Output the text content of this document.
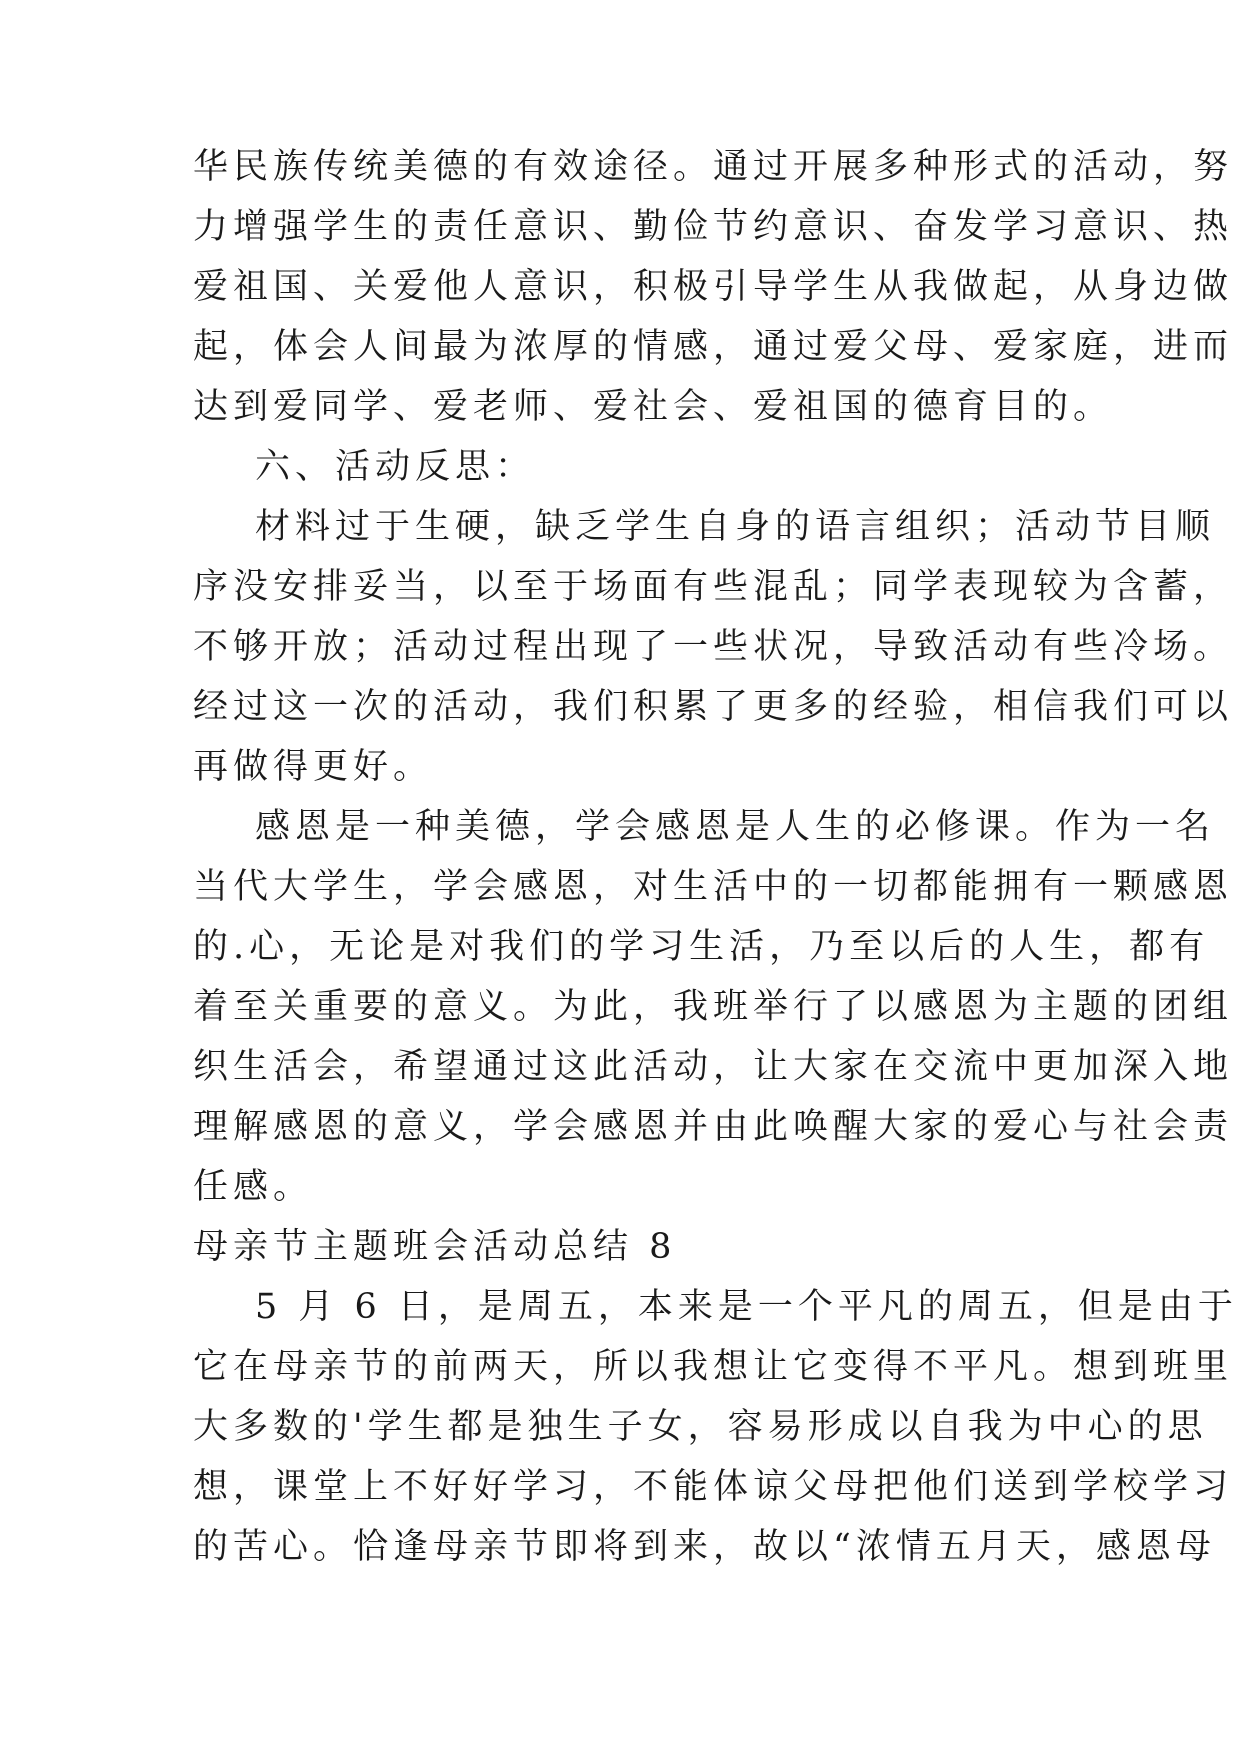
华民族传统美德的有效途径。通过开展多种形式的活动，努
力增强学生的责任意识、勤俭节约意识、奋发学习意识、热
爱祖国、关爱他人意识，积极引导学生从我做起，从身边做
起，体会人间最为浓厚的情感，通过爱父母、爱家庭，进而
达到爱同学、爱老师、爱社会、爱祖国的德育目的。
六、活动反思：
材料过于生硬，缺乏学生自身的语言组织；活动节目顺
序没安排妥当，以至于场面有些混乱；同学表现较为含蓄，
不够开放；活动过程出现了一些状况，导致活动有些冷场。
经过这一次的活动，我们积累了更多的经验，相信我们可以
再做得更好。
感恩是一种美德，学会感恩是人生的必修课。作为一名
当代大学生，学会感恩，对生活中的一切都能拥有一颗感恩
的.心，无论是对我们的学习生活，乃至以后的人生，都有
着至关重要的意义。为此，我班举行了以感恩为主题的团组
织生活会，希望通过这此活动，让大家在交流中更加深入地
理解感恩的意义，学会感恩并由此唤醒大家的爱心与社会责
任感。
母亲节主题班会活动总结 8
5 月 6 日，是周五，本来是一个平凡的周五，但是由于
它在母亲节的前两天，所以我想让它变得不平凡。想到班里
大多数的'学生都是独生子女，容易形成以自我为中心的思
想，课堂上不好好学习，不能体谅父母把他们送到学校学习
的苦心。恰逢母亲节即将到来，故以“浓情五月天，感恩母
